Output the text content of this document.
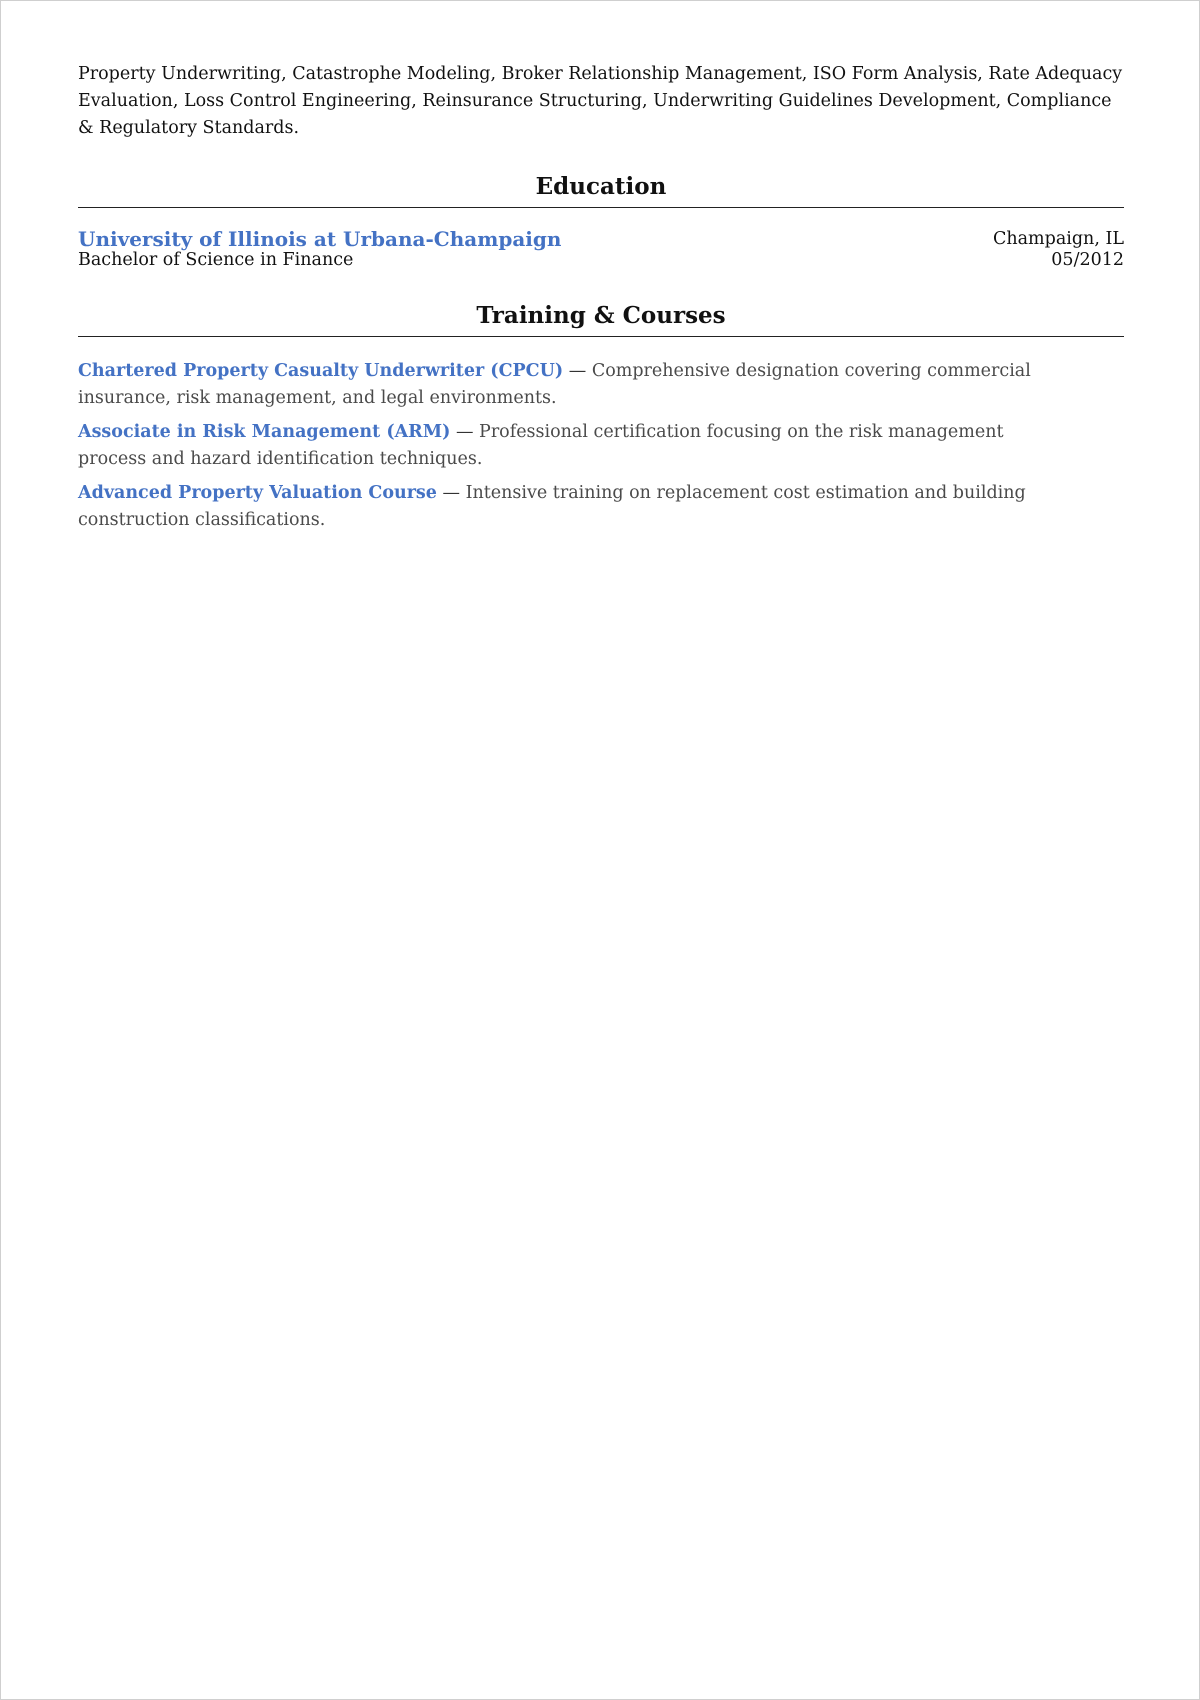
Property Underwriting, Catastrophe Modeling, Broker Relationship Management, ISO Form Analysis, Rate Adequacy Evaluation, Loss Control Engineering, Reinsurance Structuring, Underwriting Guidelines Development, Compliance & Regulatory Standards.

Education
University of Illinois at Urbana-Champaign
Bachelor of Science in Finance
Champaign, IL
05/2012
Training & Courses

Chartered Property Casualty Underwriter (CPCU) — Comprehensive designation covering commercial insurance, risk management, and legal environments.

Associate in Risk Management (ARM) — Professional certification focusing on the risk management process and hazard identification techniques.

Advanced Property Valuation Course — Intensive training on replacement cost estimation and building construction classifications.
